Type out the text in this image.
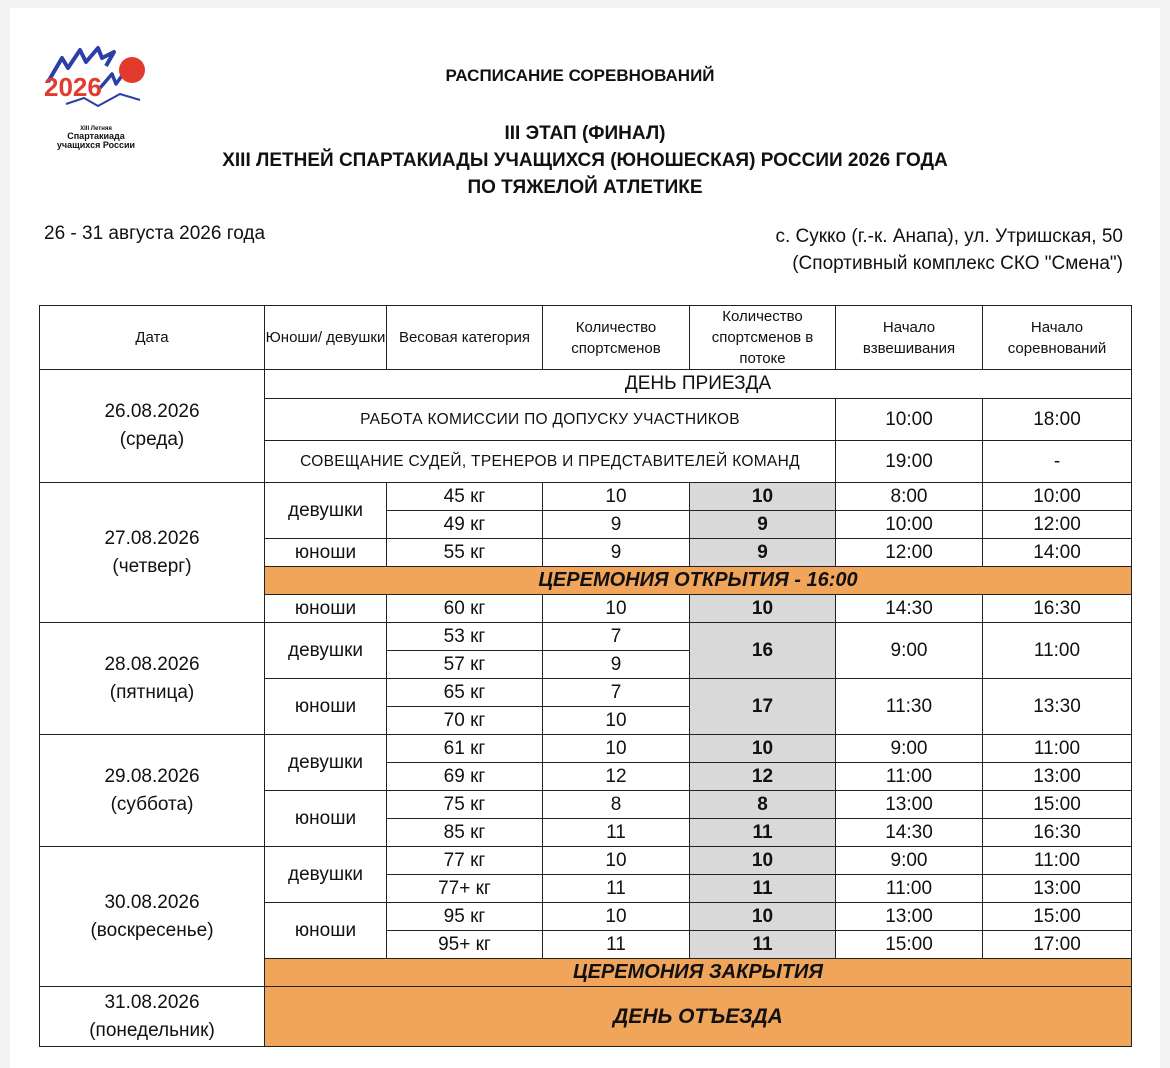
2026
XIII Летняя
Спартакиада
учащихся России
РАСПИСАНИЕ СОРЕВНОВАНИЙ
III ЭТАП (ФИНАЛ)
XIII ЛЕТНЕЙ СПАРТАКИАДЫ УЧАЩИХСЯ (ЮНОШЕСКАЯ) РОССИИ 2026 ГОДА
ПО ТЯЖЕЛОЙ АТЛЕТИКЕ
26 - 31 августа 2026 года	с. Сукко (г.-к. Анапа), ул. Утришская, 50
(Спортивный комплекс СКО "Смена")
Дата	Юноши/ девушки	Весовая категория	Количество спортсменов	Количество спортсменов в потоке	Начало взвешивания	Начало соревнований

26.08.2026
(среда)	ДЕНЬ ПРИЕЗДА					
	РАБОТА КОМИССИИ ПО ДОПУСКУ УЧАСТНИКОВ				10:00	18:00
	СОВЕЩАНИЕ СУДЕЙ, ТРЕНЕРОВ И ПРЕДСТАВИТЕЛЕЙ КОМАНД				19:00	-

27.08.2026
(четверг)	девушки	45 кг	10	10	8:00	10:00
		49 кг	9	9	10:00	12:00
	юноши	55 кг	9	9	12:00	14:00
	ЦЕРЕМОНИЯ ОТКРЫТИЯ - 16:00					
	юноши	60 кг	10	10	14:30	16:30

28.08.2026
(пятница)	девушки	53 кг	7	16	9:00	11:00
		57 кг	9			
	юноши	65 кг	7	17	11:30	13:30
		70 кг	10			

29.08.2026
(суббота)	девушки	61 кг	10	10	9:00	11:00
		69 кг	12	12	11:00	13:00
	юноши	75 кг	8	8	13:00	15:00
		85 кг	11	11	14:30	16:30

30.08.2026
(воскресенье)	девушки	77 кг	10	10	9:00	11:00
		77+ кг	11	11	11:00	13:00
	юноши	95 кг	10	10	13:00	15:00
		95+ кг	11	11	15:00	17:00
	ЦЕРЕМОНИЯ ЗАКРЫТИЯ					

31.08.2026
(понедельник)	ДЕНЬ ОТЪЕЗДА					
